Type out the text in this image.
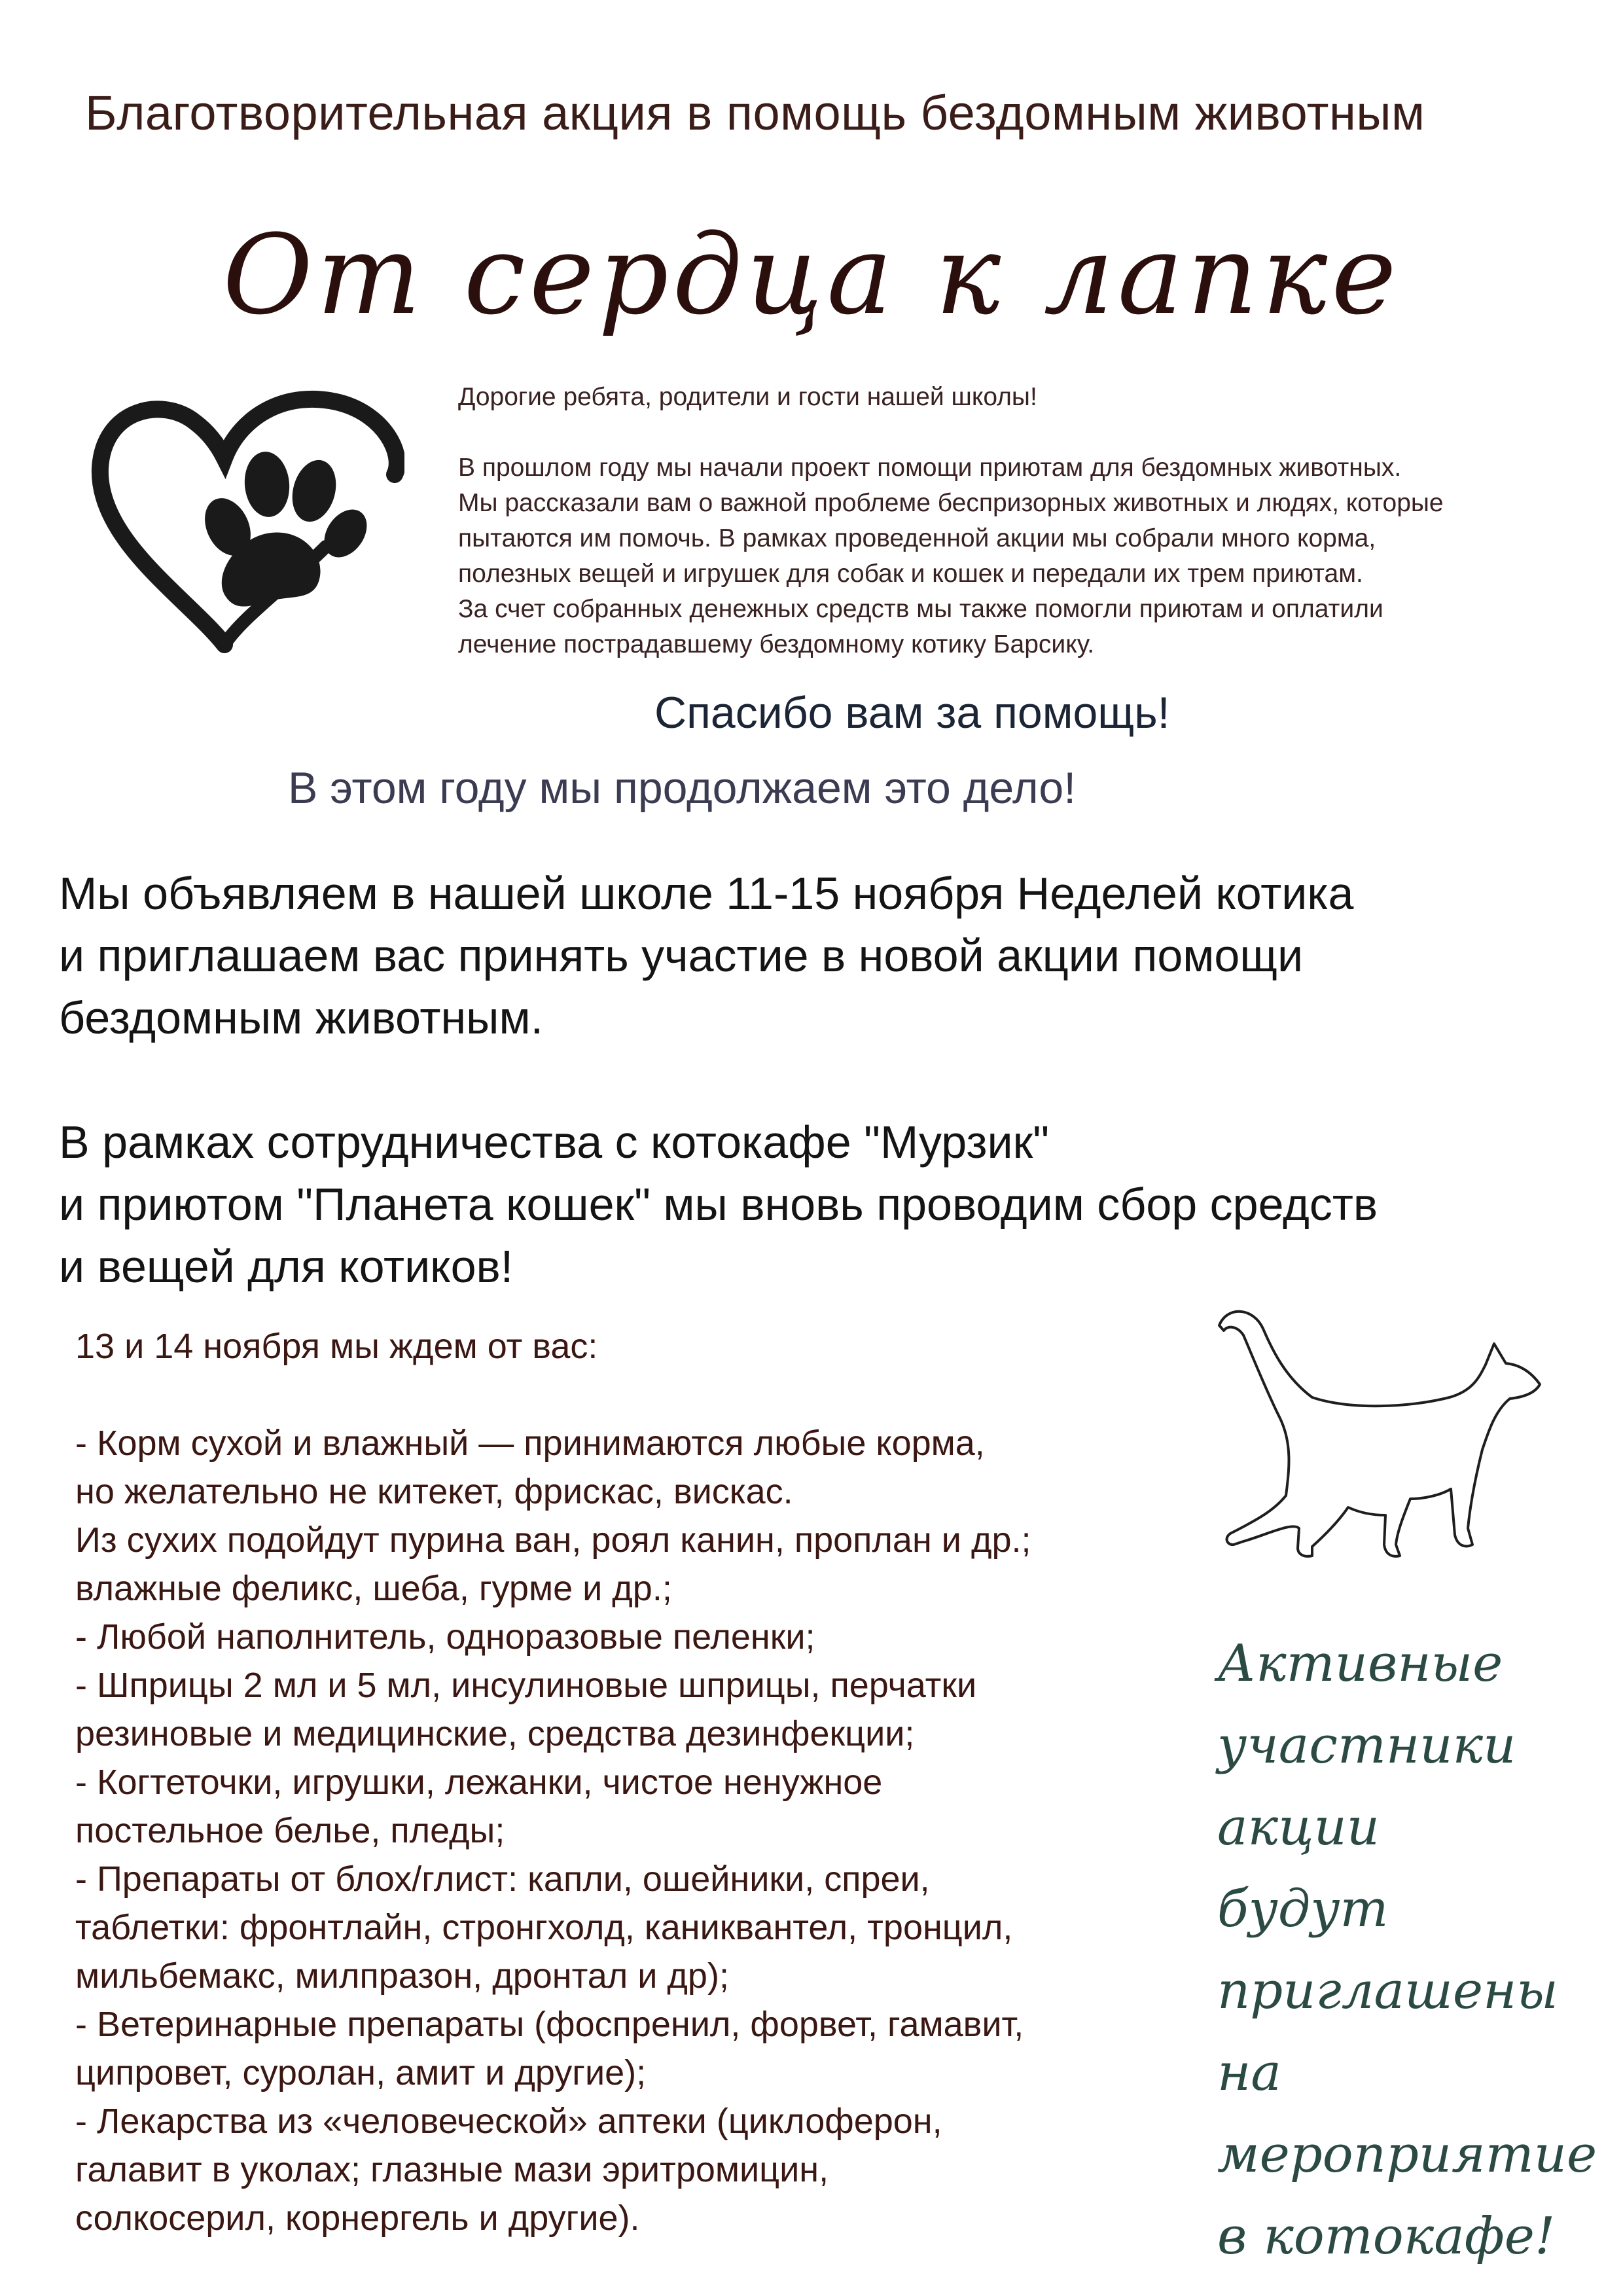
Благотворительная акция в помощь бездомным животным
От сердца к лапке

Дорогие ребята, родители и гости нашей школы!

В прошлом году мы начали проект помощи приютам для бездомных животных.

Мы рассказали вам о важной проблеме беспризорных животных и людях, которые

пытаются им помочь. В рамках проведенной акции мы собрали много корма,

полезных вещей и игрушек для собак и кошек и передали их трем приютам.

За счет собранных денежных средств мы также помогли приютам и оплатили

лечение пострадавшему бездомному котику Барсику.

Спасибо вам за помощь!
В этом году мы продолжаем это дело!
Мы объявляем в нашей школе 11-15 ноября Неделей котика
и приглашаем вас принять участие в новой акции помощи
бездомным животным.
В рамках сотрудничества с котокафе "Мурзик"
и приютом "Планета кошек" мы вновь проводим сбор средств
и вещей для котиков!
13 и 14 ноября мы ждем от вас:
- Корм сухой и влажный — принимаются любые корма,
но желательно не китекет, фрискас, вискас.
Из сухих подойдут пурина ван, роял канин, проплан и др.;
влажные феликс, шеба, гурме и др.;
- Любой наполнитель, одноразовые пеленки;
- Шприцы 2 мл и 5 мл, инсулиновые шприцы, перчатки
резиновые и медицинские, средства дезинфекции;
- Когтеточки, игрушки, лежанки, чистое ненужное
постельное белье, пледы;
- Препараты от блох/глист: капли, ошейники, спреи,
таблетки: фронтлайн, стронгхолд, каниквантел, тронцил,
мильбемакс, милпразон, дронтал и др);
- Ветеринарные препараты (фоспренил, форвет, гамавит,
ципровет, суролан, амит и другие);
- Лекарства из «человеческой» аптеки (циклоферон,
галавит в уколах; глазные мази эритромицин,
солкосерил, корнергель и другие).
Активные
участники
акции
будут
приглашены
на
мероприятие
в котокафе!
